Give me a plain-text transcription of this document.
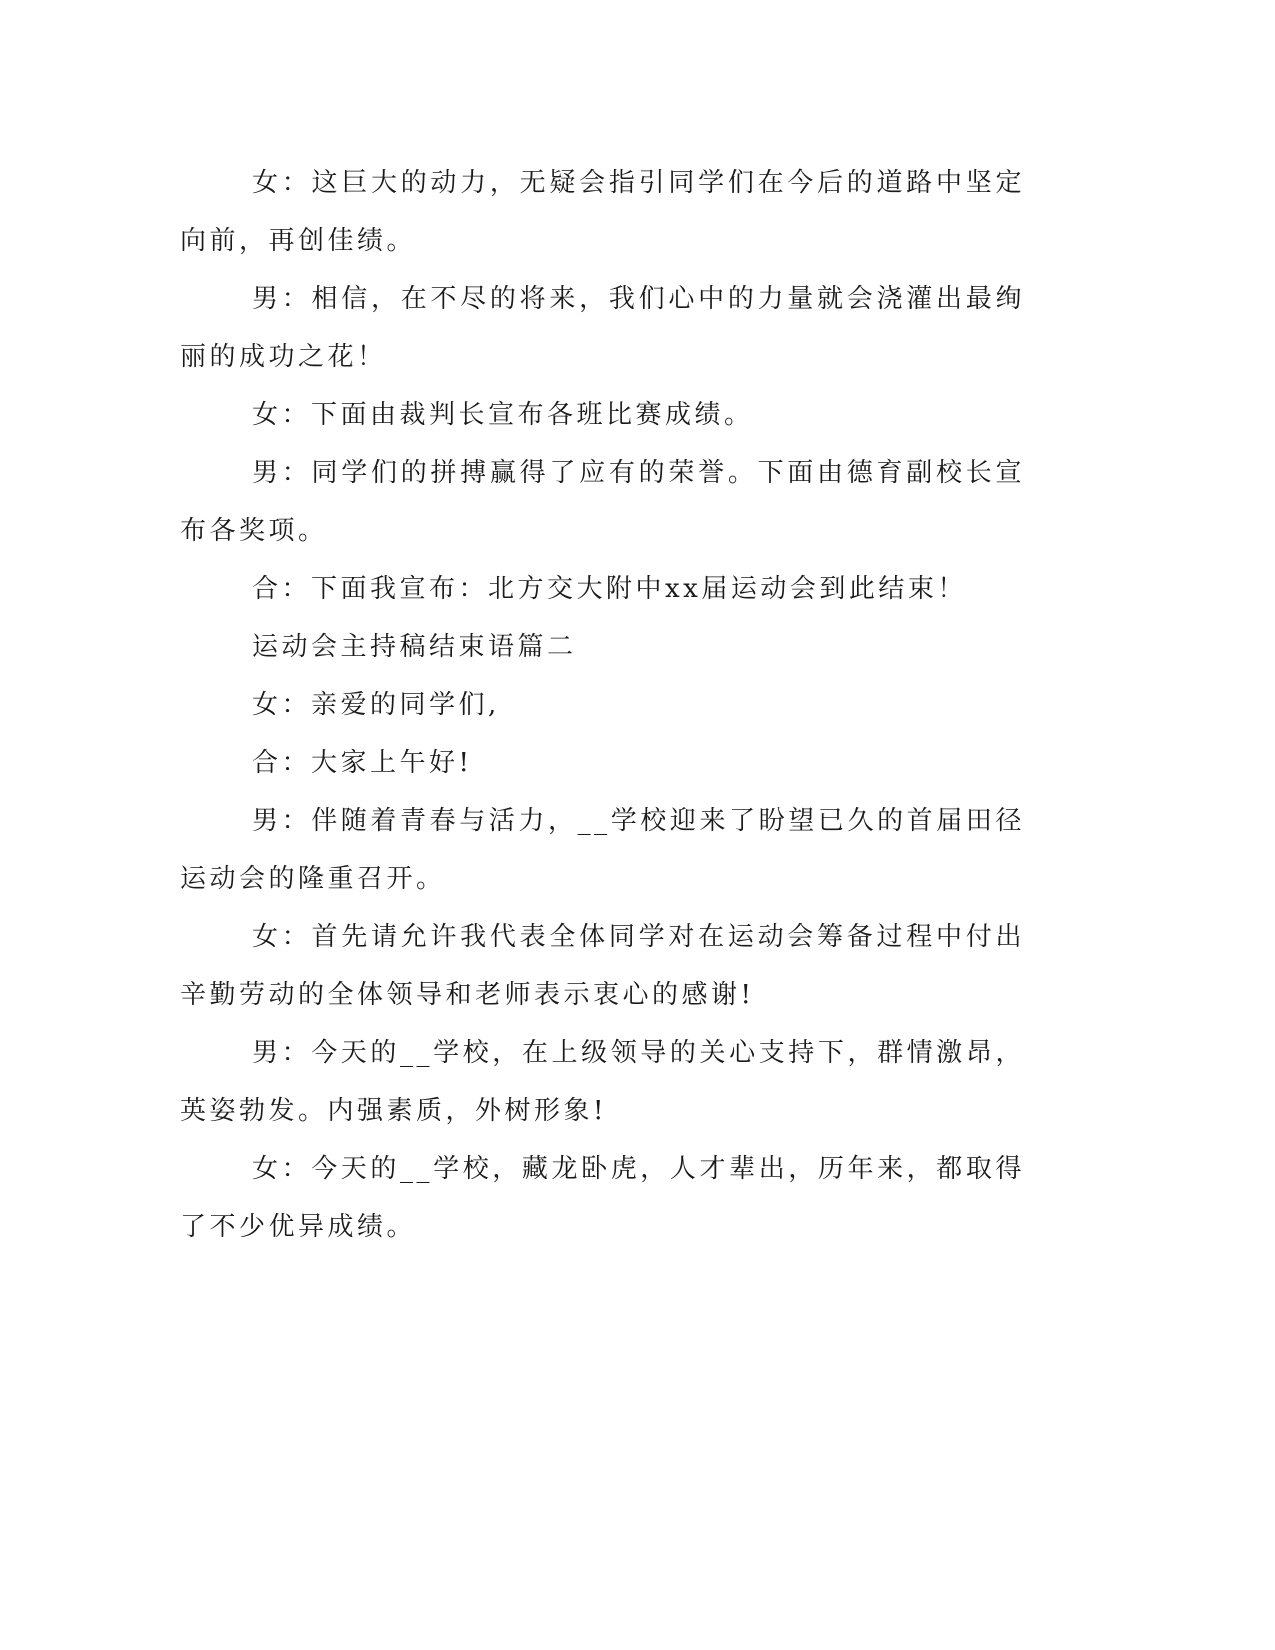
女：这巨大的动力，无疑会指引同学们在今后的道路中坚定向前，再创佳绩。

男：相信，在不尽的将来，我们心中的力量就会浇灌出最绚丽的成功之花！

女：下面由裁判长宣布各班比赛成绩。

男：同学们的拼搏赢得了应有的荣誉。下面由德育副校长宣布各奖项。

合：下面我宣布：北方交大附中xx届运动会到此结束！

运动会主持稿结束语篇二

女：亲爱的同学们,

合：大家上午好!

男：伴随着青春与活力，__学校迎来了盼望已久的首届田径运动会的隆重召开。

女：首先请允许我代表全体同学对在运动会筹备过程中付出辛勤劳动的全体领导和老师表示衷心的感谢!

男：今天的__学校，在上级领导的关心支持下，群情激昂，英姿勃发。内强素质，外树形象!

女：今天的__学校，藏龙卧虎，人才辈出，历年来，都取得了不少优异成绩。
